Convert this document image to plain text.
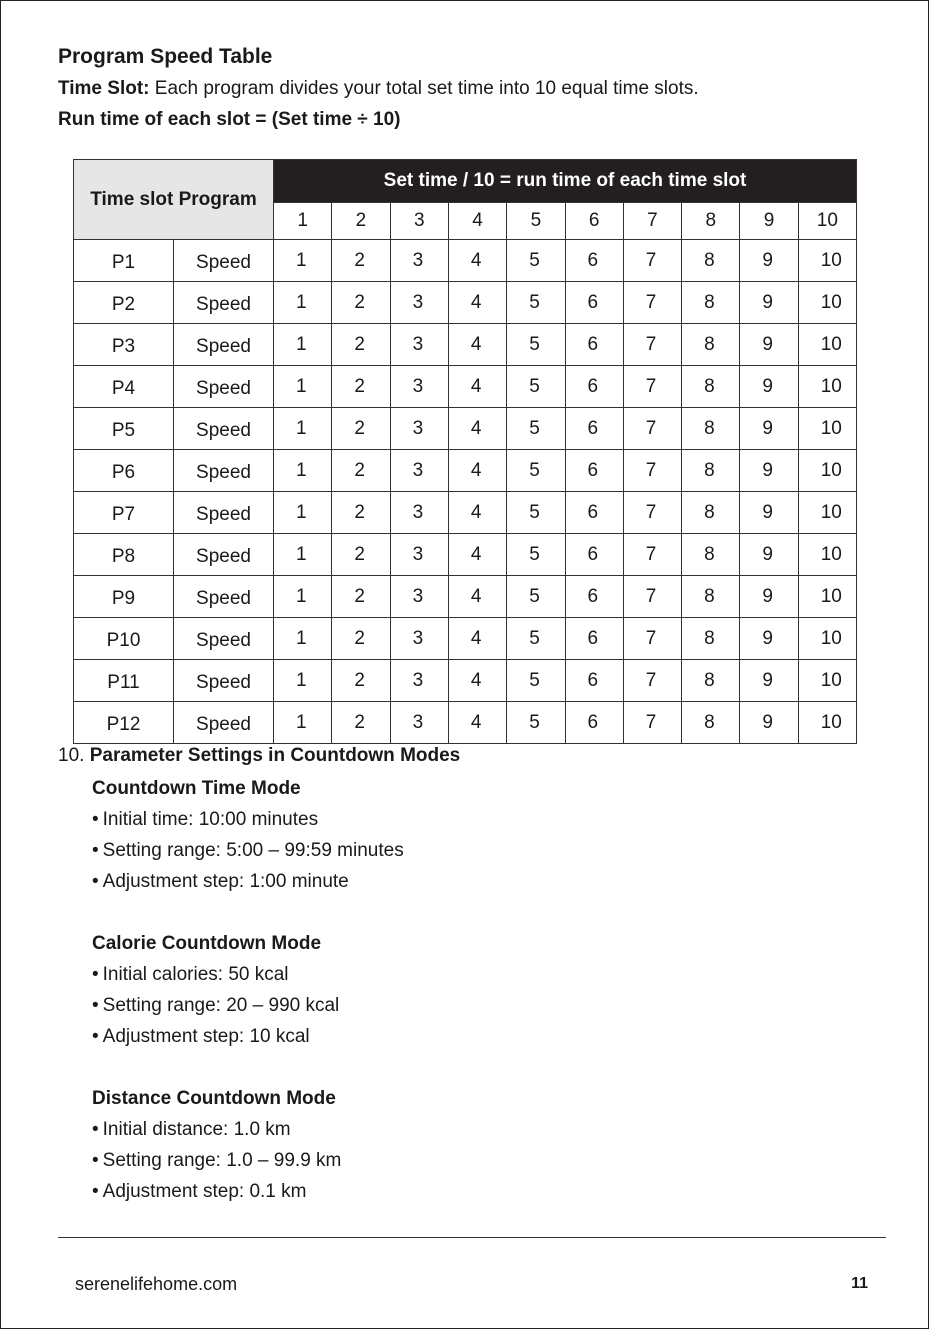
Program Speed Table

Time Slot: Each program divides your total set time into 10 equal time slots.

Run time of each slot = (Set time ÷ 10)

Time slot Program		Set time / 10 = run time of each time slot									
		1	2	3	4	5	6	7	8	9	10
P1	Speed	1	2	3	4	5	6	7	8	9	10
P2	Speed	1	2	3	4	5	6	7	8	9	10
P3	Speed	1	2	3	4	5	6	7	8	9	10
P4	Speed	1	2	3	4	5	6	7	8	9	10
P5	Speed	1	2	3	4	5	6	7	8	9	10
P6	Speed	1	2	3	4	5	6	7	8	9	10
P7	Speed	1	2	3	4	5	6	7	8	9	10
P8	Speed	1	2	3	4	5	6	7	8	9	10
P9	Speed	1	2	3	4	5	6	7	8	9	10
P10	Speed	1	2	3	4	5	6	7	8	9	10
P11	Speed	1	2	3	4	5	6	7	8	9	10
P12	Speed	1	2	3	4	5	6	7	8	9	10

10. Parameter Settings in Countdown Modes

Countdown Time Mode
• Initial time: 10:00 minutes
• Setting range: 5:00 – 99:59 minutes
• Adjustment step: 1:00 minute
Calorie Countdown Mode
• Initial calories: 50 kcal
• Setting range: 20 – 990 kcal
• Adjustment step: 10 kcal
Distance Countdown Mode
• Initial distance: 1.0 km
• Setting range: 1.0 – 99.9 km
• Adjustment step: 0.1 km
serenelifehome.com	11
